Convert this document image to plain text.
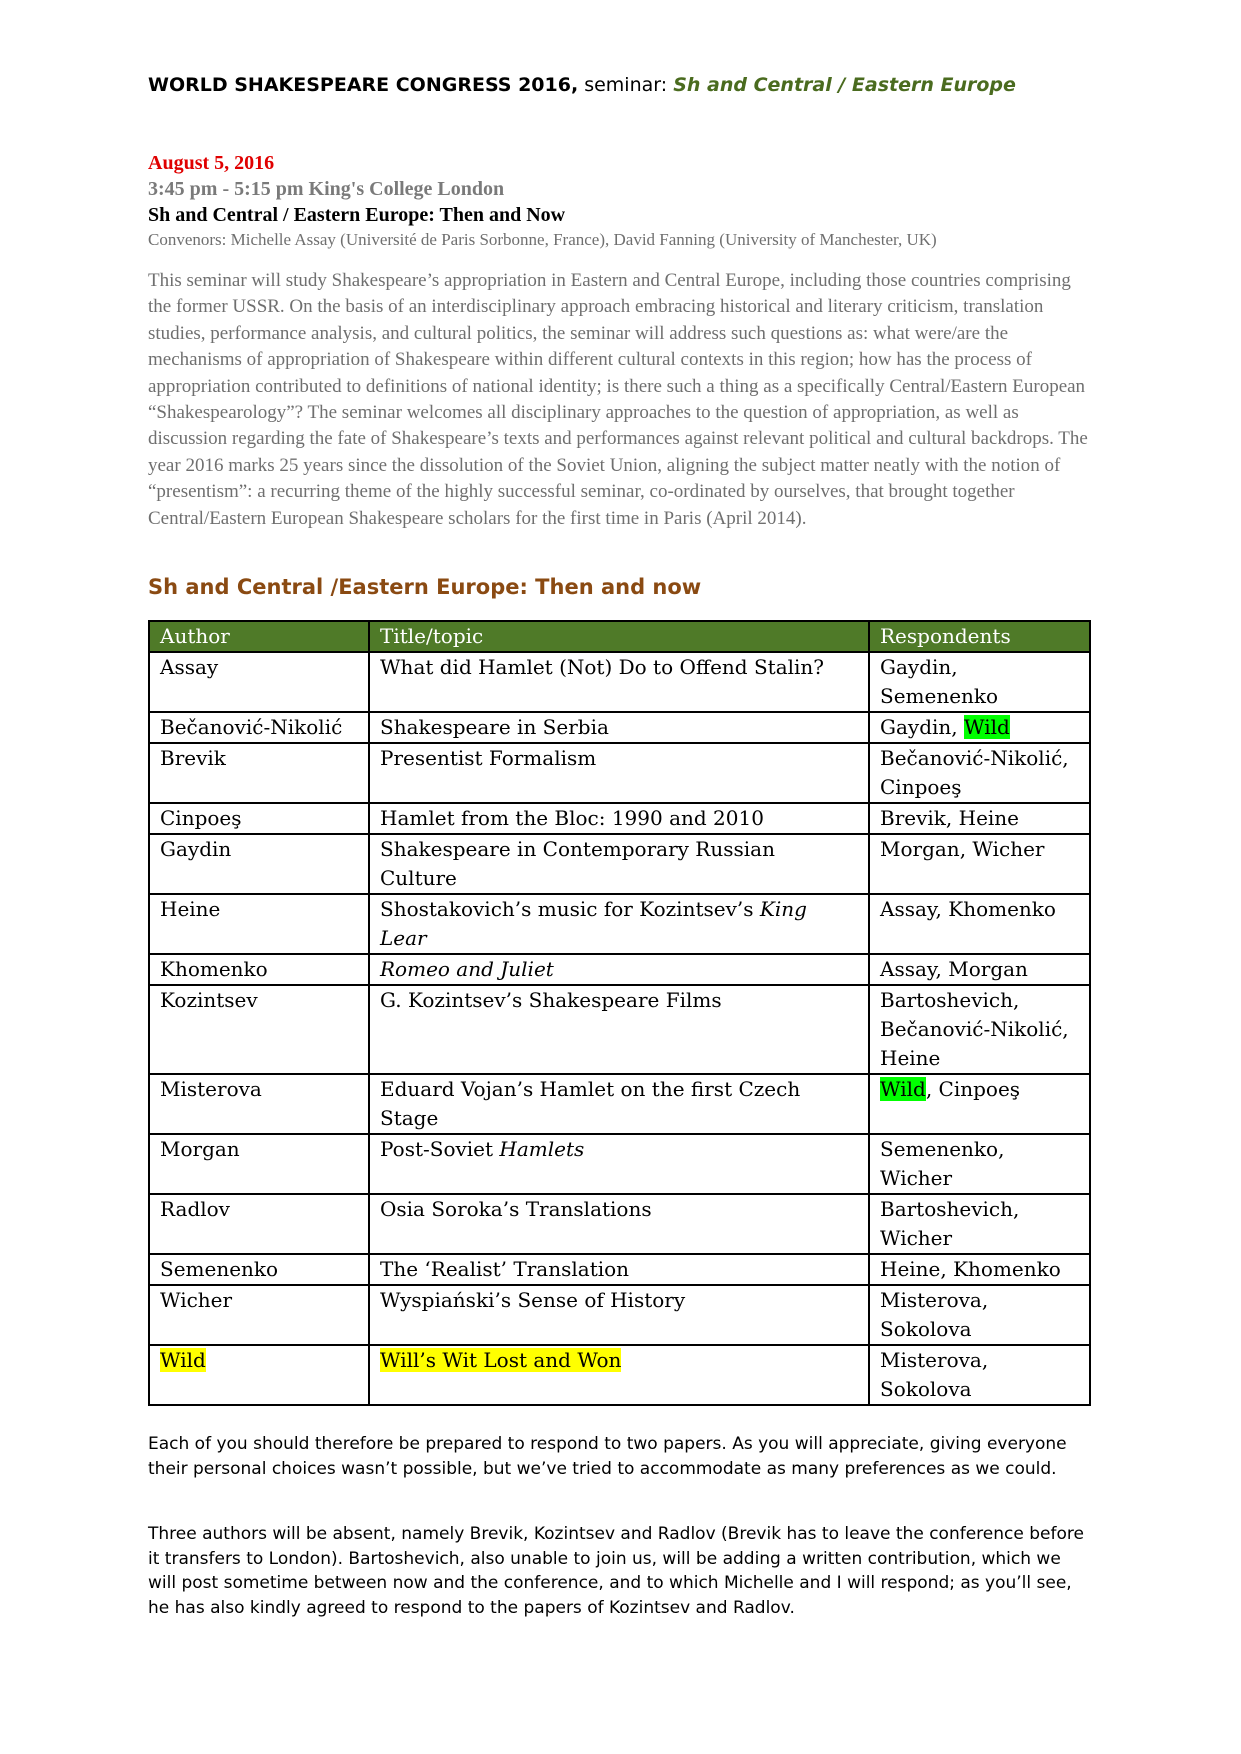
WORLD SHAKESPEARE CONGRESS 2016, seminar: Sh and Central / Eastern Europe
August 5, 2016
3:45 pm - 5:15 pm King's College London
Sh and Central / Eastern Europe: Then and Now
Convenors: Michelle Assay (Université de Paris Sorbonne, France), David Fanning (University of Manchester, UK)
This seminar will study Shakespeare’s appropriation in Eastern and Central Europe, including those countries comprising the former USSR. On the basis of an interdisciplinary approach embracing historical and literary criticism, translation studies, performance analysis, and cultural politics, the seminar will address such questions as: what were/are the mechanisms of appropriation of Shakespeare within different cultural contexts in this region; how has the process of appropriation contributed to definitions of national identity; is there such a thing as a specifically Central/Eastern European “Shakespearology”? The seminar welcomes all disciplinary approaches to the question of appropriation, as well as discussion regarding the fate of Shakespeare’s texts and performances against relevant political and cultural backdrops. The year 2016 marks 25 years since the dissolution of the Soviet Union, aligning the subject matter neatly with the notion of “presentism”: a recurring theme of the highly successful seminar, co-ordinated by ourselves, that brought together Central/Eastern European Shakespeare scholars for the first time in Paris (April 2014).
Sh and Central /Eastern Europe: Then and now
Author	Title/topic	Respondents
Assay	What did Hamlet (Not) Do to Offend Stalin?	Gaydin, Semenenko
Bečanović-Nikolić	Shakespeare in Serbia	Gaydin, Wild
Brevik	Presentist Formalism	Bečanović-Nikolić, Cinpoeş
Cinpoeş	Hamlet from the Bloc: 1990 and 2010	Brevik, Heine
Gaydin	Shakespeare in Contemporary Russian Culture	Morgan, Wicher
Heine	Shostakovich’s music for Kozintsev’s King Lear	Assay, Khomenko
Khomenko	Romeo and Juliet	Assay, Morgan
Kozintsev	G. Kozintsev’s Shakespeare Films	Bartoshevich, Bečanović-Nikolić, Heine
Misterova	Eduard Vojan’s Hamlet on the first Czech Stage	Wild, Cinpoeş
Morgan	Post-Soviet Hamlets	Semenenko, Wicher
Radlov	Osia Soroka’s Translations	Bartoshevich, Wicher
Semenenko	The ‘Realist’ Translation	Heine, Khomenko
Wicher	Wyspiański’s Sense of History	Misterova, Sokolova
Wild	Will’s Wit Lost and Won	Misterova, Sokolova
Each of you should therefore be prepared to respond to two papers. As you will appreciate, giving everyone their personal choices wasn’t possible, but we’ve tried to accommodate as many preferences as we could.
Three authors will be absent, namely Brevik, Kozintsev and Radlov (Brevik has to leave the conference before it transfers to London). Bartoshevich, also unable to join us, will be adding a written contribution, which we will post sometime between now and the conference, and to which Michelle and I will respond; as you’ll see, he has also kindly agreed to respond to the papers of Kozintsev and Radlov.
